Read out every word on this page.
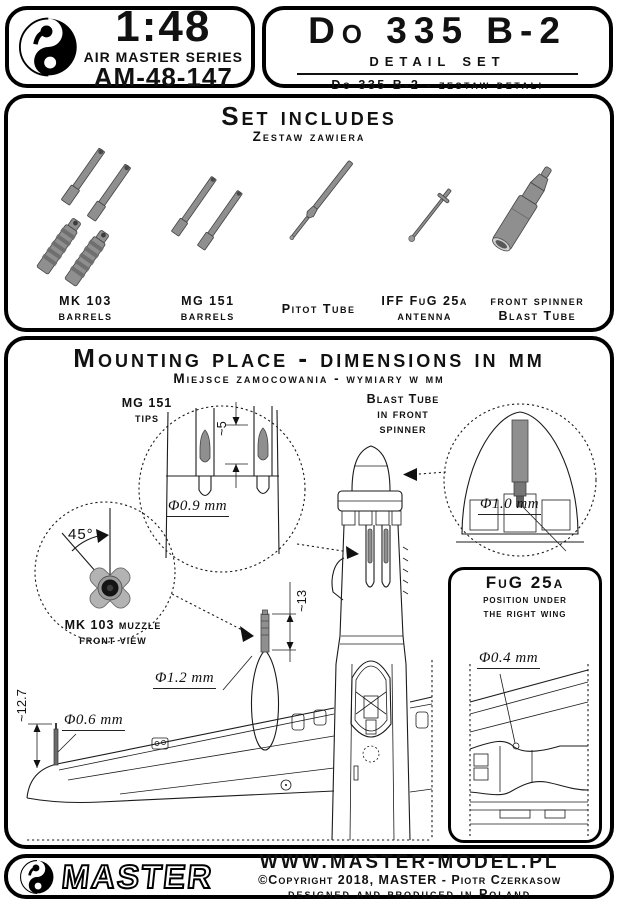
1:48
AIR MASTER SERIES
AM-48-147
Do 335 B-2
detail set
Do 335 B-2 - zestaw detali
Set includes
Zestaw zawiera
MK 103
barrels
MG 151
barrels
Pitot Tube
IFF FuG 25a
antenna
front spinner
Blast Tube
Mounting place - dimensions in mm
Miejsce zamocowania - wymiary w mm
MG 151
tips
~5
Φ0.9 mm
Blast Tube
in front
spinner
Φ1.0 mm
45°
MK 103 muzzle
front view
~13
Φ1.2 mm
~12.7 Φ0.6 mm
FuG 25a
position under
the right wing
Φ0.4 mm
MASTER	WWW.MASTER-MODEL.PL
©Copyright 2018, MASTER - Piotr Czerkasow
designed and produced in Poland
